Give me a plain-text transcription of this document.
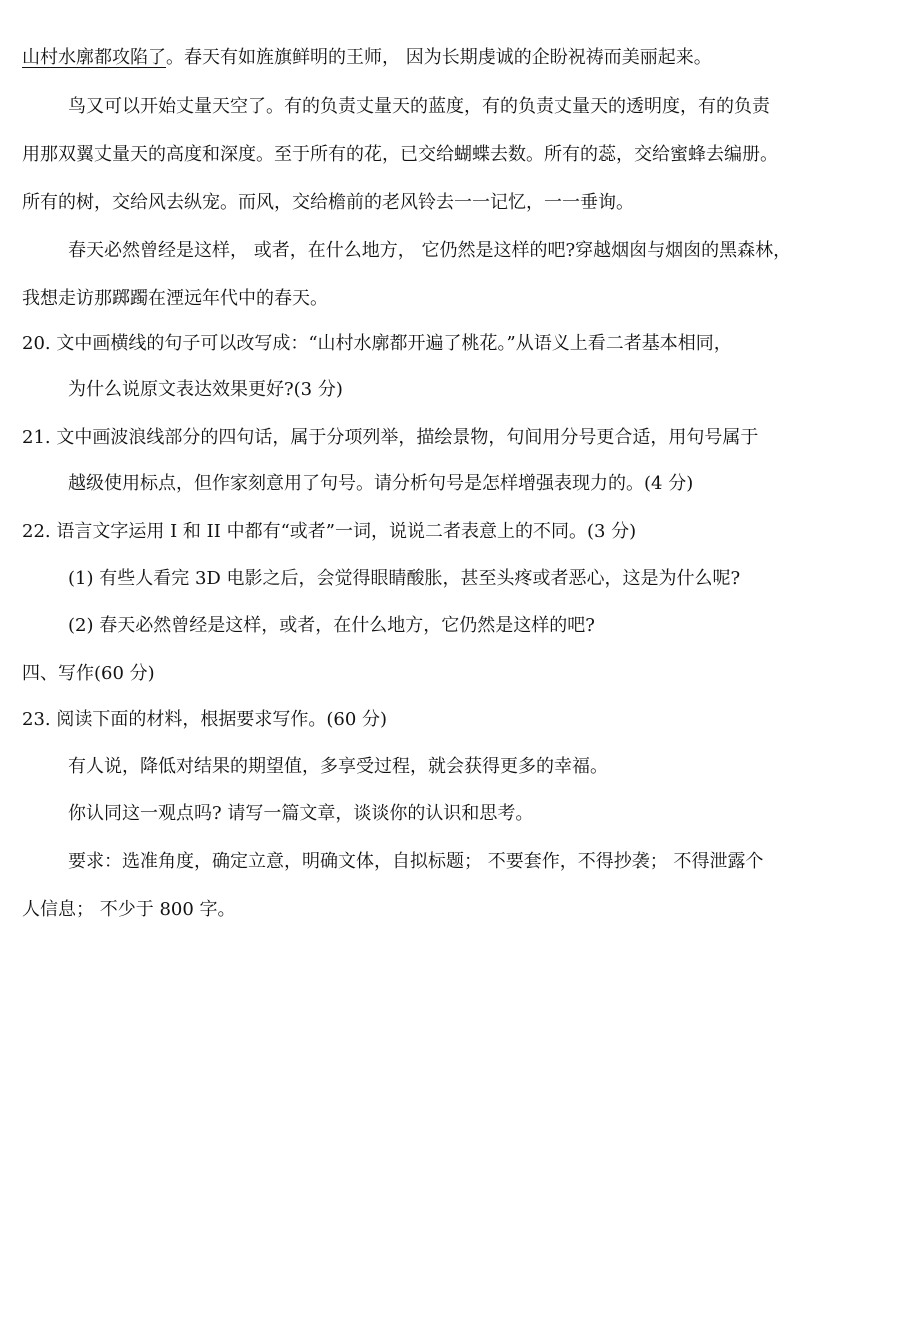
山村水廓都攻陷了。春天有如旌旗鲜明的王师， 因为长期虔诚的企盼祝祷而美丽起来。
鸟又可以开始丈量天空了。有的负责丈量天的蓝度，有的负责丈量天的透明度，有的负责
用那双翼丈量天的高度和深度。至于所有的花，已交给蝴蝶去数。所有的蕊，交给蜜蜂去编册。
所有的树，交给风去纵宠。而风，交给檐前的老风铃去一一记忆，一一垂询。
春天必然曾经是这样， 或者，在什么地方， 它仍然是这样的吧?穿越烟囱与烟囱的黑森林，
我想走访那踯躅在湮远年代中的春天。
20. 文中画横线的句子可以改写成：“山村水廓都开遍了桃花。”从语义上看二者基本相同，
为什么说原文表达效果更好?(3 分)
21. 文中画波浪线部分的四句话，属于分项列举，描绘景物，句间用分号更合适，用句号属于
越级使用标点，但作家刻意用了句号。请分析句号是怎样增强表现力的。(4 分)
22. 语言文字运用 I 和 II 中都有“或者”一词，说说二者表意上的不同。(3 分)
(1) 有些人看完 3D 电影之后，会觉得眼睛酸胀，甚至头疼或者恶心，这是为什么呢?
(2) 春天必然曾经是这样，或者，在什么地方，它仍然是这样的吧?
四、写作(60 分)
23. 阅读下面的材料，根据要求写作。(60 分)
有人说，降低对结果的期望值，多享受过程，就会获得更多的幸福。
你认同这一观点吗? 请写一篇文章，谈谈你的认识和思考。
要求：选准角度，确定立意，明确文体，自拟标题； 不要套作，不得抄袭； 不得泄露个
人信息； 不少于 800 字。
